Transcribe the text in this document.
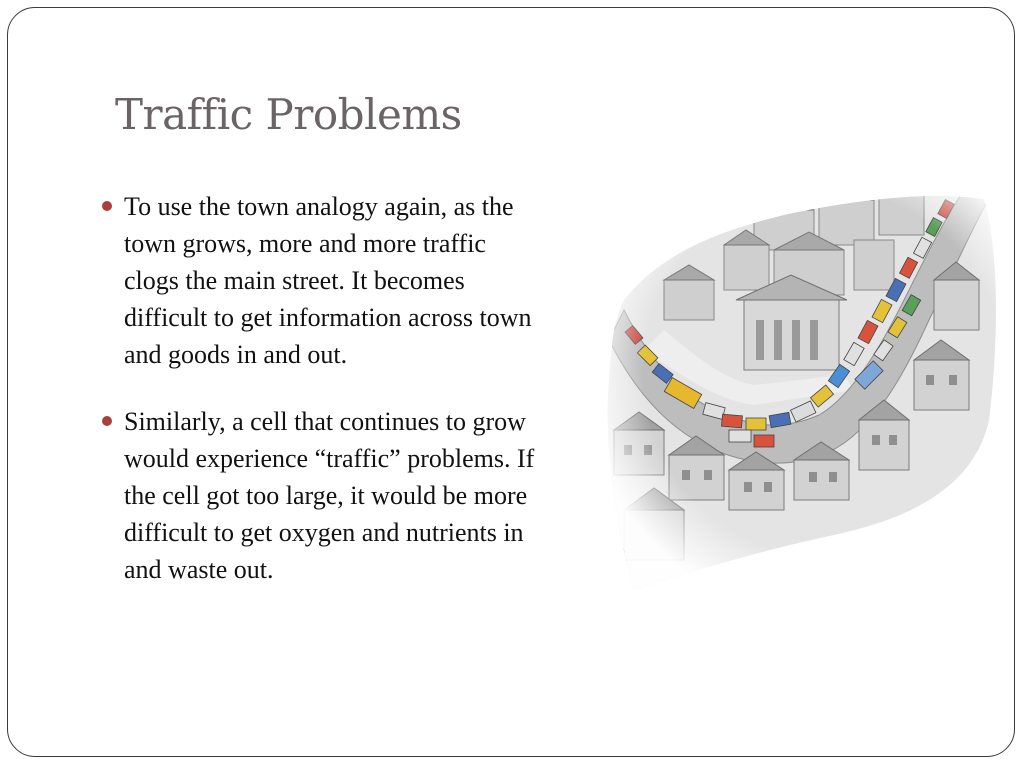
Traffic Problems
To use the town analogy again, as the town grows, more and more traffic clogs the main street. It becomes difficult to get information across town and goods in and out.
Similarly, a cell that continues to grow would experience “traffic” problems. If the cell got too large, it would be more difficult to get oxygen and nutrients in and waste out.
